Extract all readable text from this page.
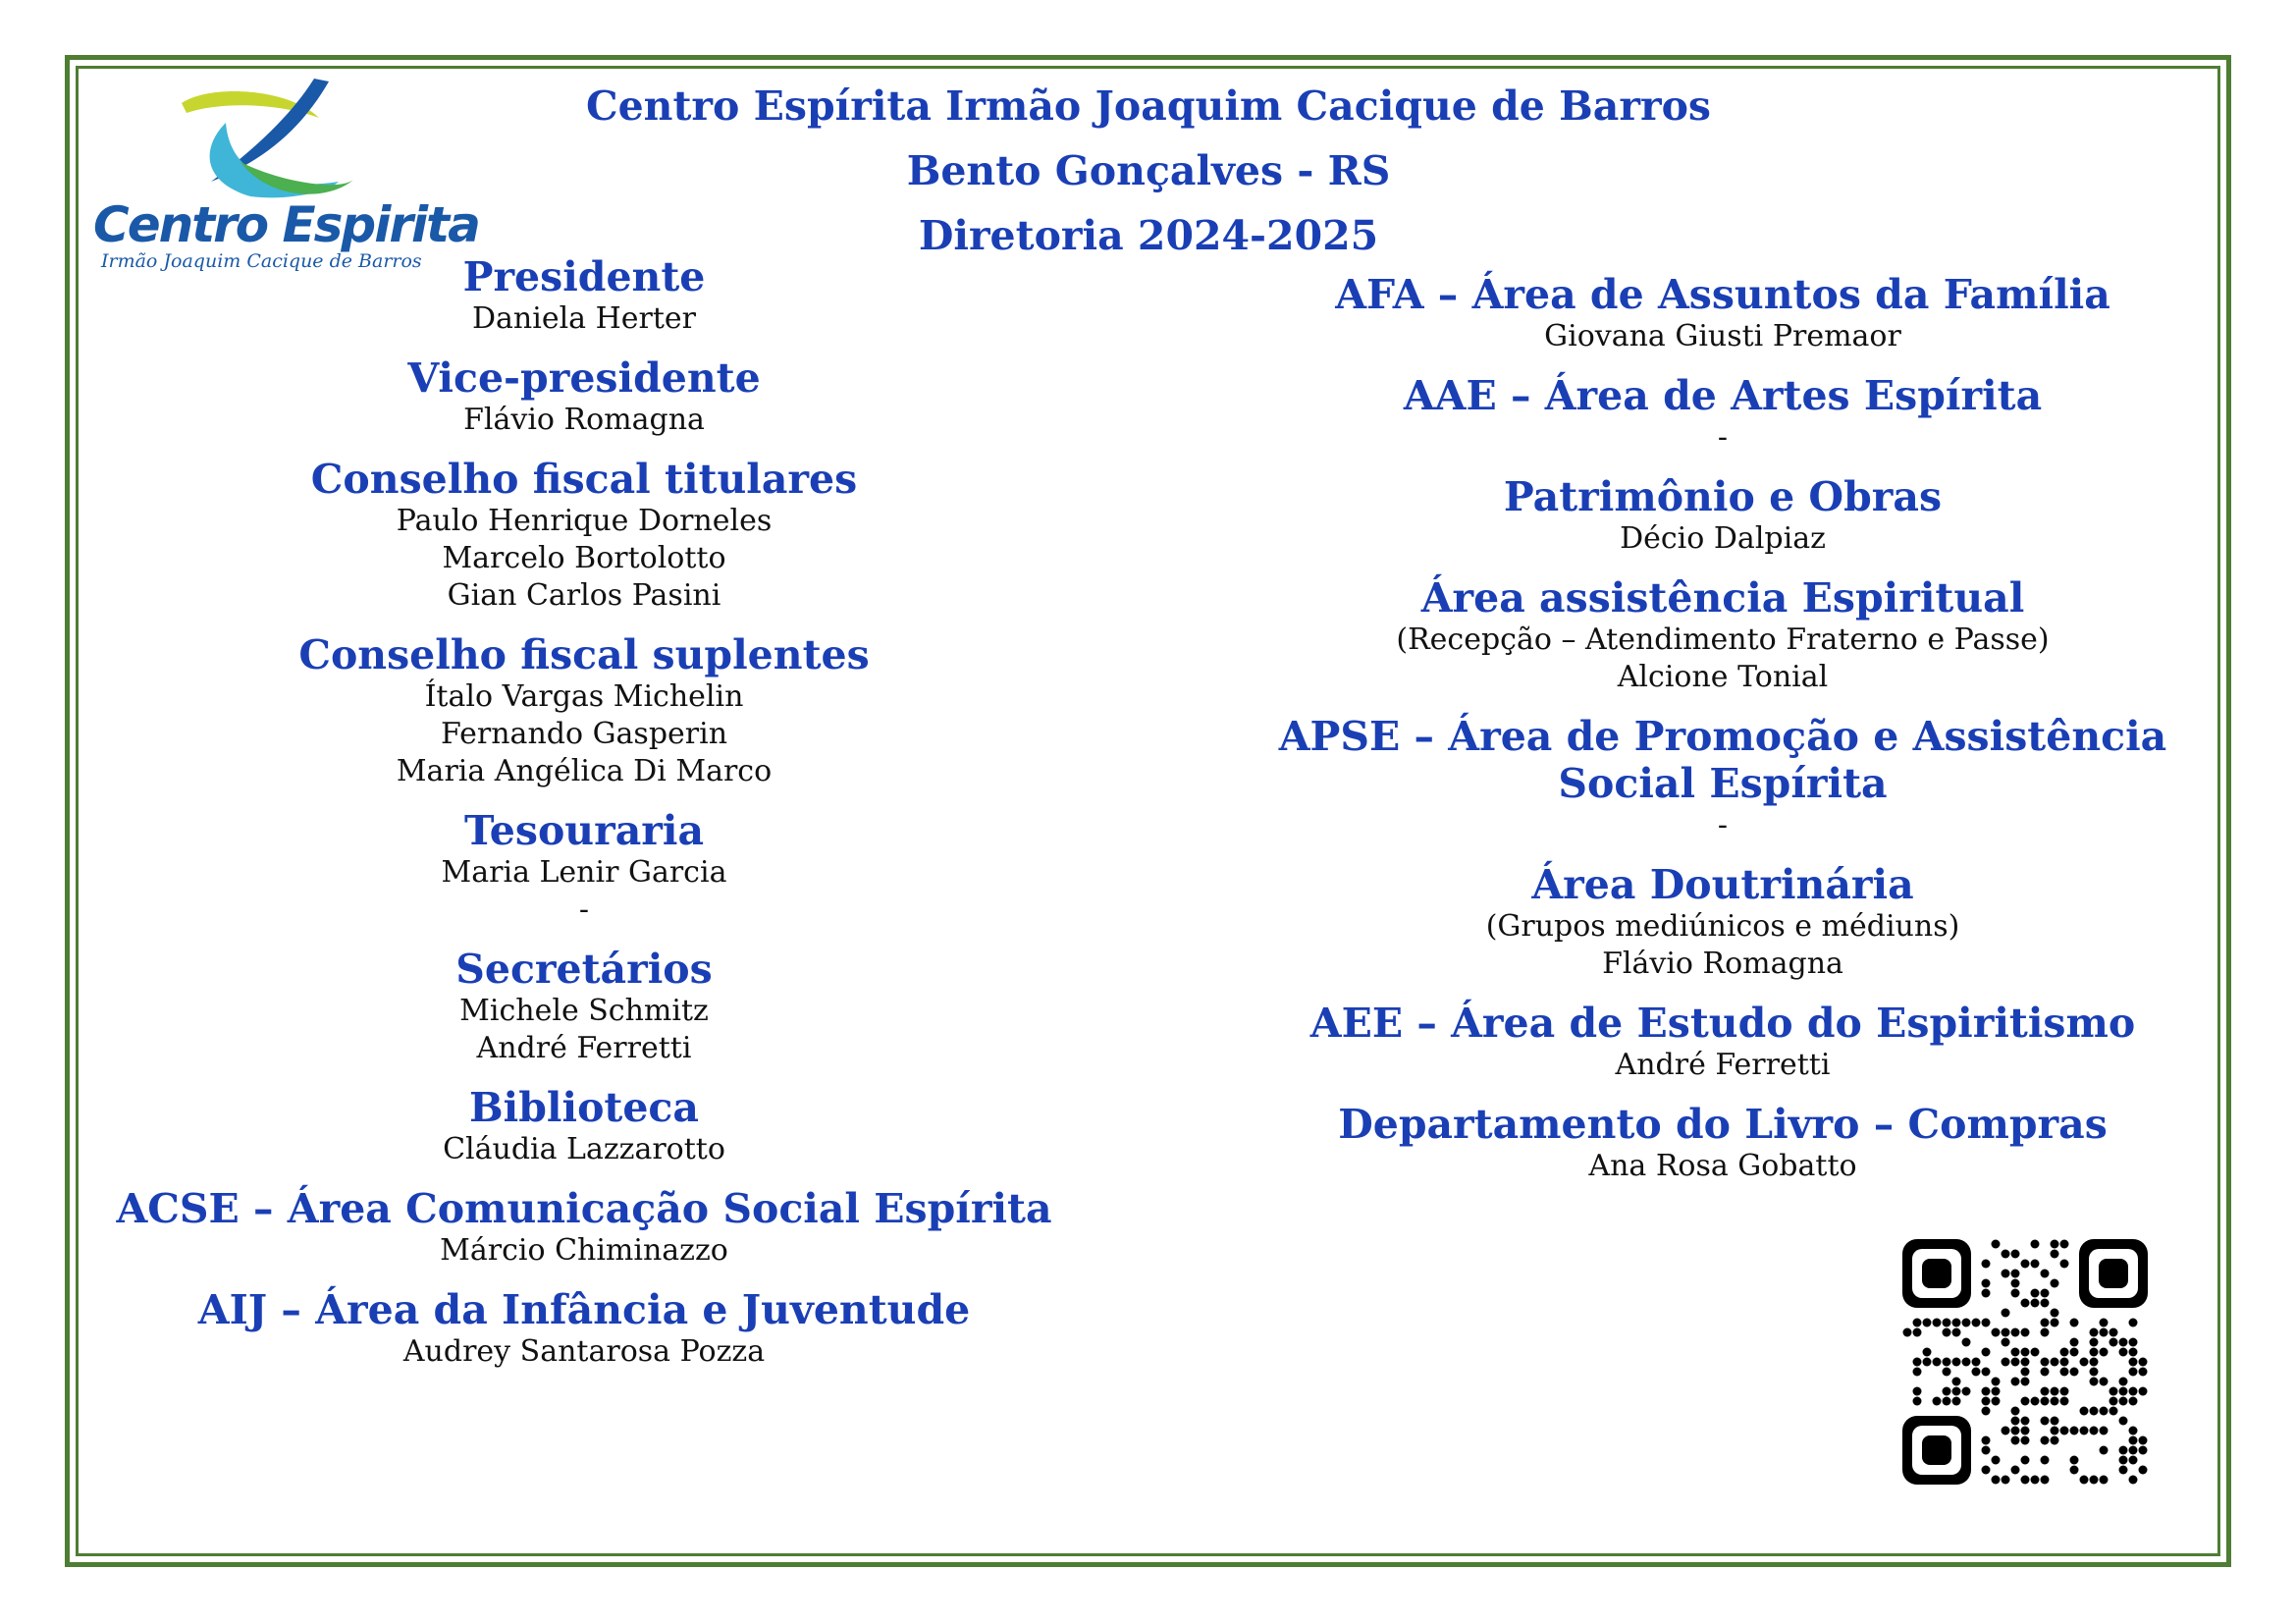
Centro Espirita
Irmão Joaquim Cacique de Barros
Centro Espírita Irmão Joaquim Cacique de Barros
Bento Gonçalves - RS
Diretoria 2024-2025
Presidente
Daniela Herter
Vice-presidente
Flávio Romagna
Conselho fiscal titulares
Paulo Henrique Dorneles
Marcelo Bortolotto
Gian Carlos Pasini
Conselho fiscal suplentes
Ítalo Vargas Michelin
Fernando Gasperin
Maria Angélica Di Marco
Tesouraria
Maria Lenir Garcia
-
Secretários
Michele Schmitz
André Ferretti
Biblioteca
Cláudia Lazzarotto
ACSE – Área Comunicação Social Espírita
Márcio Chiminazzo
AIJ – Área da Infância e Juventude
Audrey Santarosa Pozza
AFA – Área de Assuntos da Família
Giovana Giusti Premaor
AAE – Área de Artes Espírita
-
Patrimônio e Obras
Décio Dalpiaz
Área assistência Espiritual
(Recepção – Atendimento Fraterno e Passe)
Alcione Tonial
APSE – Área de Promoção e Assistência Social Espírita
-
Área Doutrinária
(Grupos mediúnicos e médiuns)
Flávio Romagna
AEE – Área de Estudo do Espiritismo
André Ferretti
Departamento do Livro – Compras
Ana Rosa Gobatto
